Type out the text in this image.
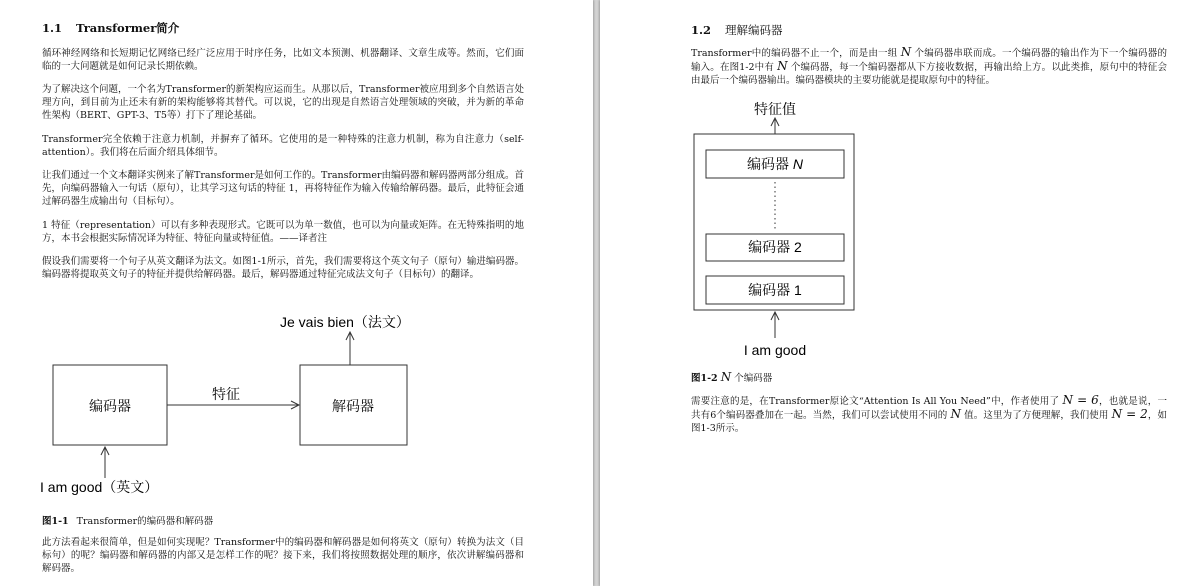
1.1 Transformer简介
循环神经网络和长短期记忆网络已经广泛应用于时序任务，比如文本预测、机器翻译、文章生成等。然而，它们面临的一大问题就是如何记录长期依赖。
为了解决这个问题，一个名为Transformer的新架构应运而生。从那以后，Transformer被应用到多个自然语言处理方向，到目前为止还未有新的架构能够将其替代。可以说，它的出现是自然语言处理领域的突破，并为新的革命性架构（BERT、GPT-3、T5等）打下了理论基础。
Transformer完全依赖于注意力机制，并摒弃了循环。它使用的是一种特殊的注意力机制，称为自注意力（self-attention）。我们将在后面介绍具体细节。
让我们通过一个文本翻译实例来了解Transformer是如何工作的。Transformer由编码器和解码器两部分组成。首先，向编码器输入一句话（原句），让其学习这句话的特征 1，再将特征作为输入传输给解码器。最后，此特征会通过解码器生成输出句（目标句）。
1 特征（representation）可以有多种表现形式。它既可以为单一数值，也可以为向量或矩阵。在无特殊指明的地方，本书会根据实际情况译为特征、特征向量或特征值。——译者注
假设我们需要将一个句子从英文翻译为法文。如图1-1所示，首先，我们需要将这个英文句子（原句）输进编码器。编码器将提取英文句子的特征并提供给解码器。最后，解码器通过特征完成法文句子（目标句）的翻译。
Je vais bien（法文）
编码器
特征
解码器
I am good（英文）
图1-1 Transformer的编码器和解码器
此方法看起来很简单，但是如何实现呢？Transformer中的编码器和解码器是如何将英文（原句）转换为法文（目标句）的呢？编码器和解码器的内部又是怎样工作的呢？接下来，我们将按照数据处理的顺序，依次讲解编码器和解码器。
1.2 理解编码器
Transformer中的编码器不止一个，而是由一组 N 个编码器串联而成。一个编码器的输出作为下一个编码器的输入。在图1-2中有 N 个编码器，每一个编码器都从下方接收数据，再输出给上方。以此类推，原句中的特征会由最后一个编码器输出。编码器模块的主要功能就是提取原句中的特征。
特征值
编码器 N
编码器 2
编码器 1
I am good
图1-2 N 个编码器
需要注意的是，在Transformer原论文“Attention Is All You Need”中，作者使用了 N = 6，也就是说，一共有6个编码器叠加在一起。当然，我们可以尝试使用不同的 N 值。这里为了方便理解，我们使用 N = 2，如图1-3所示。
